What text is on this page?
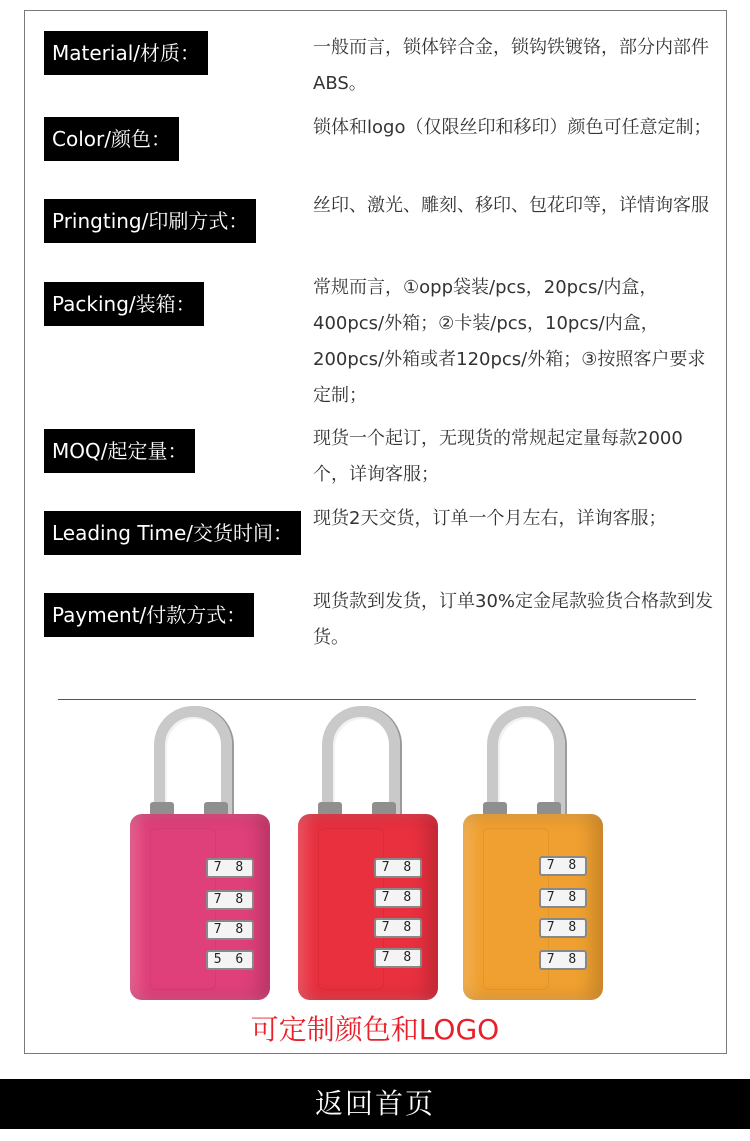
Material/材质：	一般而言，锁体锌合金，锁钩铁镀铬，部分内部件ABS。
Color/颜色：	锁体和logo（仅限丝印和移印）颜色可任意定制；
Pringting/印刷方式：
丝印、激光、雕刻、移印、包花印等，详情询客服
Packing/装箱：
常规而言，①opp袋装/pcs，20pcs/内盒，400pcs/外箱；②卡装/pcs，10pcs/内盒，200pcs/外箱或者120pcs/外箱；③按照客户要求定制；
MOQ/起定量：
现货一个起订，无现货的常规起定量每款2000个，详询客服；
Leading Time/交货时间：
现货2天交货，订单一个月左右，详询客服；
Payment/付款方式：
现货款到发货，订单30%定金尾款验货合格款到发货。
7 8
7 8
7 8
5 6
7 8
7 8
7 8
7 8
7 8
7 8
7 8
7 8
可定制颜色和LOGO
返回首页
